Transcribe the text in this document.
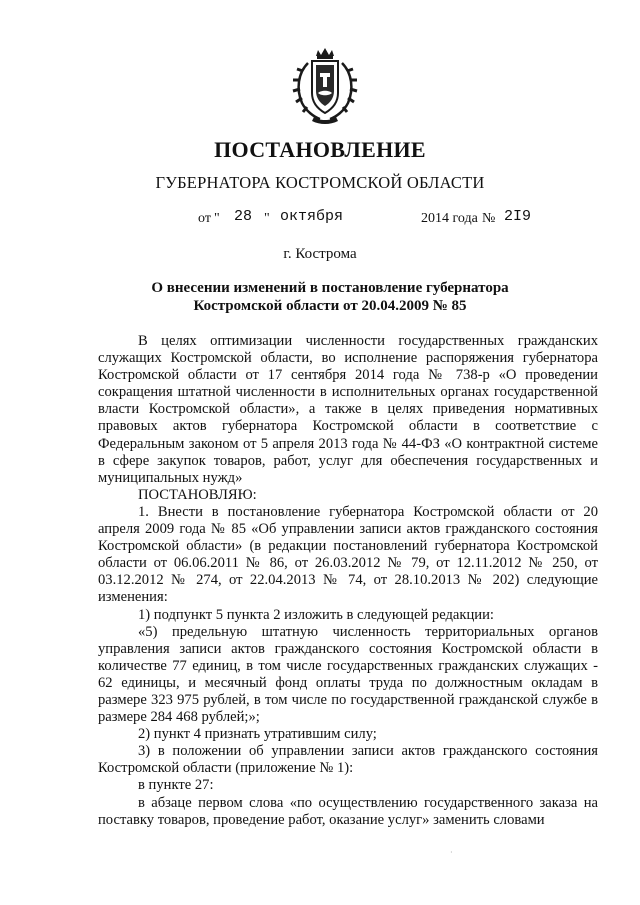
ПОСТАНОВЛЕНИЕ
ГУБЕРНАТОРА КОСТРОМСКОЙ ОБЛАСТИ
от " 28 " октября	2014 года № 2I9
г. Кострома
О внесении изменений в постановление губернатора
Костромской области от 20.04.2009 № 85

В целях оптимизации численности государственных гражданских служащих Костромской области, во исполнение распоряжения губернатора Костромской области от 17 сентября 2014 года № 738-р «О проведении сокращения штатной численности в исполнительных органах государственной власти Костромской области», а также в целях приведения нормативных правовых актов губернатора Костромской области в соответствие с Федеральным законом от 5 апреля 2013 года № 44-ФЗ «О контрактной системе в сфере закупок товаров, работ, услуг для обеспечения государственных и муниципальных нужд»

ПОСТАНОВЛЯЮ:

1. Внести в постановление губернатора Костромской области от 20 апреля 2009 года № 85 «Об управлении записи актов гражданского состояния Костромской области» (в редакции постановлений губернатора Костромской области от 06.06.2011 № 86, от 26.03.2012 № 79, от 12.11.2012 № 250, от 03.12.2012 № 274, от 22.04.2013 № 74, от 28.10.2013 № 202) следующие изменения:

1) подпункт 5 пункта 2 изложить в следующей редакции:

«5) предельную штатную численность территориальных органов управления записи актов гражданского состояния Костромской области в количестве 77 единиц, в том числе государственных гражданских служащих - 62 единицы, и месячный фонд оплаты труда по должностным окладам в размере 323 975 рублей, в том числе по государственной гражданской службе в размере 284 468 рублей;»;

2) пункт 4 признать утратившим силу;

3) в положении об управлении записи актов гражданского состояния Костромской области (приложение № 1):

в пункте 27:

в абзаце первом слова «по осуществлению государственного заказа на поставку товаров, проведение работ, оказание услуг» заменить словами

·
